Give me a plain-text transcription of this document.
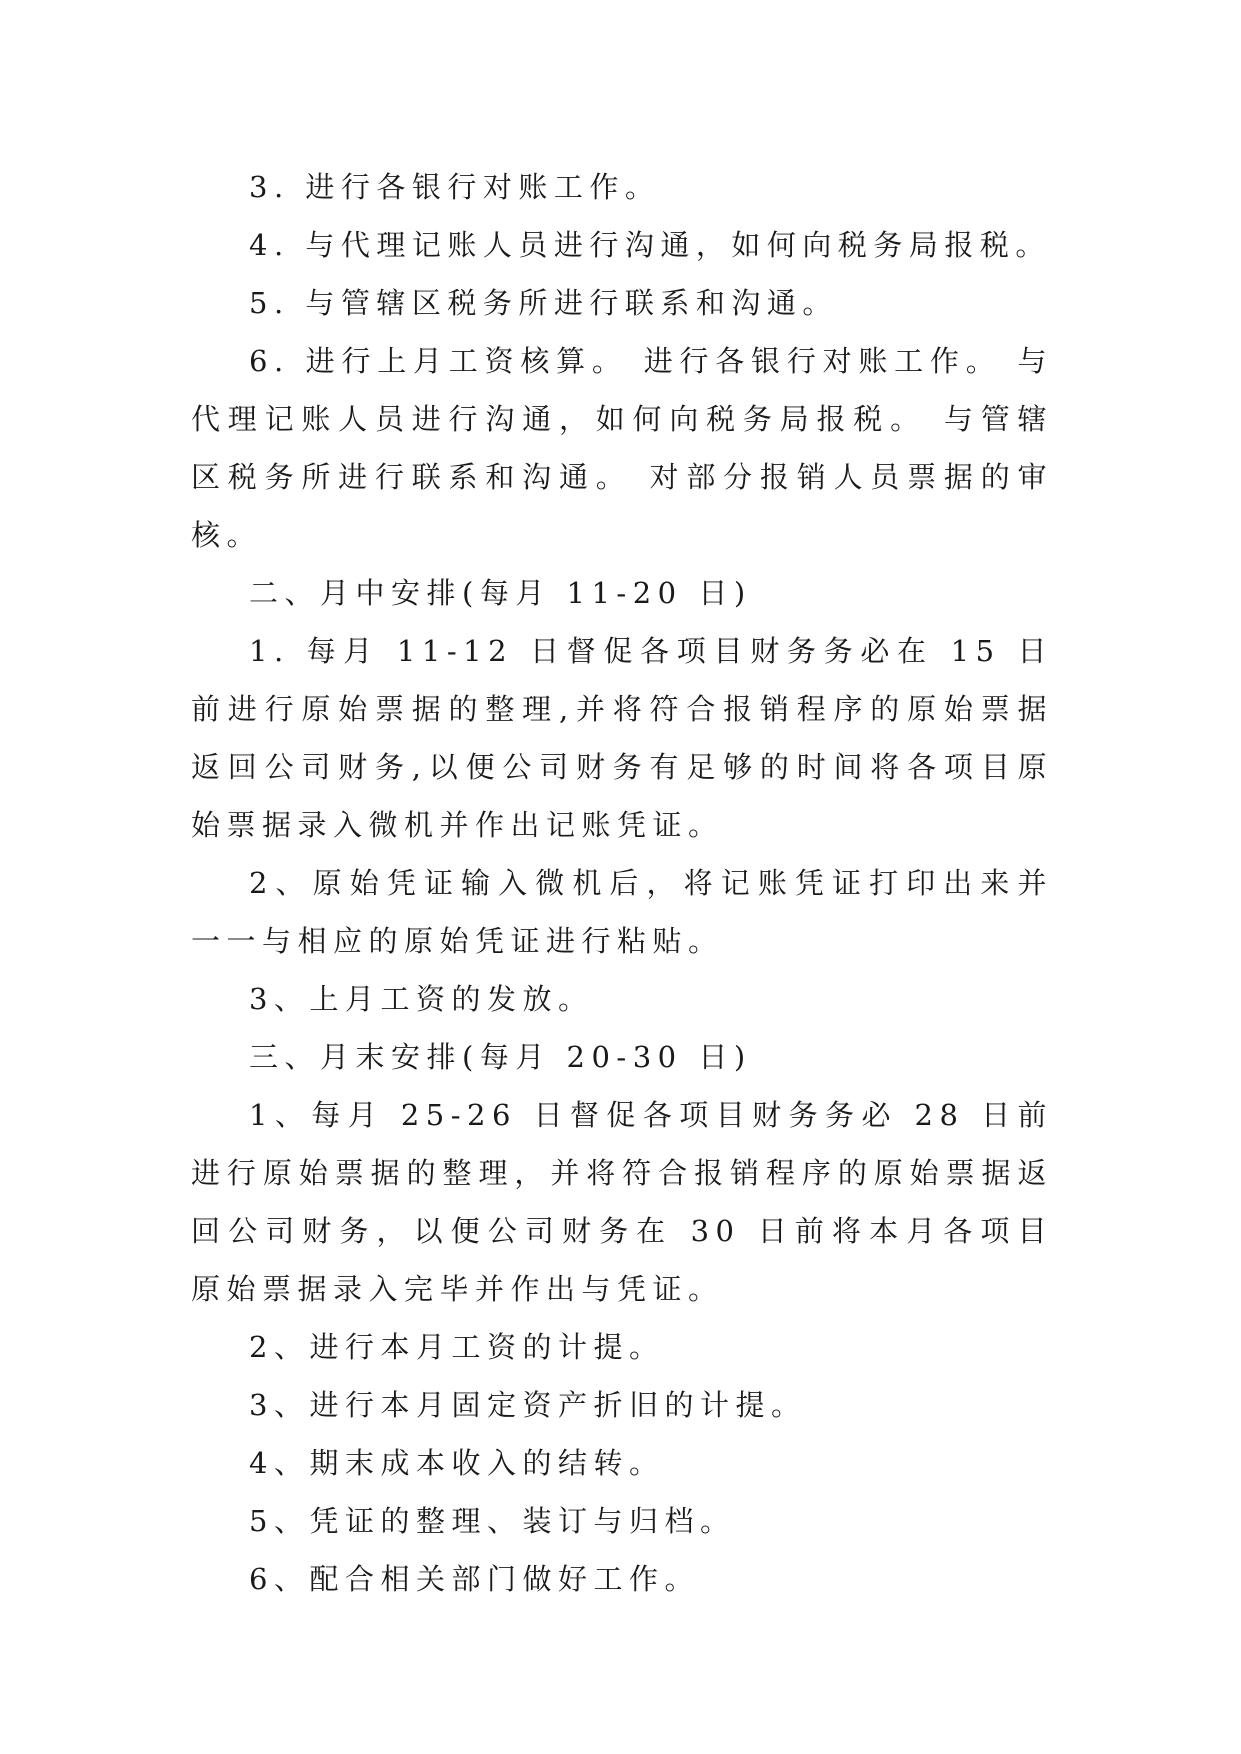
3. 进行各银行对账工作。

4. 与代理记账人员进行沟通，如何向税务局报税。

5. 与管辖区税务所进行联系和沟通。

6. 进行上月工资核算。 进行各银行对账工作。 与代理记账人员进行沟通，如何向税务局报税。 与管辖区税务所进行联系和沟通。 对部分报销人员票据的审核。

二、月中安排(每月 11-20 日)

1. 每月 11-12 日督促各项目财务务必在 15 日前进行原始票据的整理,并将符合报销程序的原始票据返回公司财务,以便公司财务有足够的时间将各项目原始票据录入微机并作出记账凭证。

2、原始凭证输入微机后，将记账凭证打印出来并一一与相应的原始凭证进行粘贴。

3、上月工资的发放。

三、月末安排(每月 20-30 日)

1、每月 25-26 日督促各项目财务务必 28 日前进行原始票据的整理，并将符合报销程序的原始票据返回公司财务，以便公司财务在 30 日前将本月各项目原始票据录入完毕并作出与凭证。

2、进行本月工资的计提。

3、进行本月固定资产折旧的计提。

4、期末成本收入的结转。

5、凭证的整理、装订与归档。

6、配合相关部门做好工作。
